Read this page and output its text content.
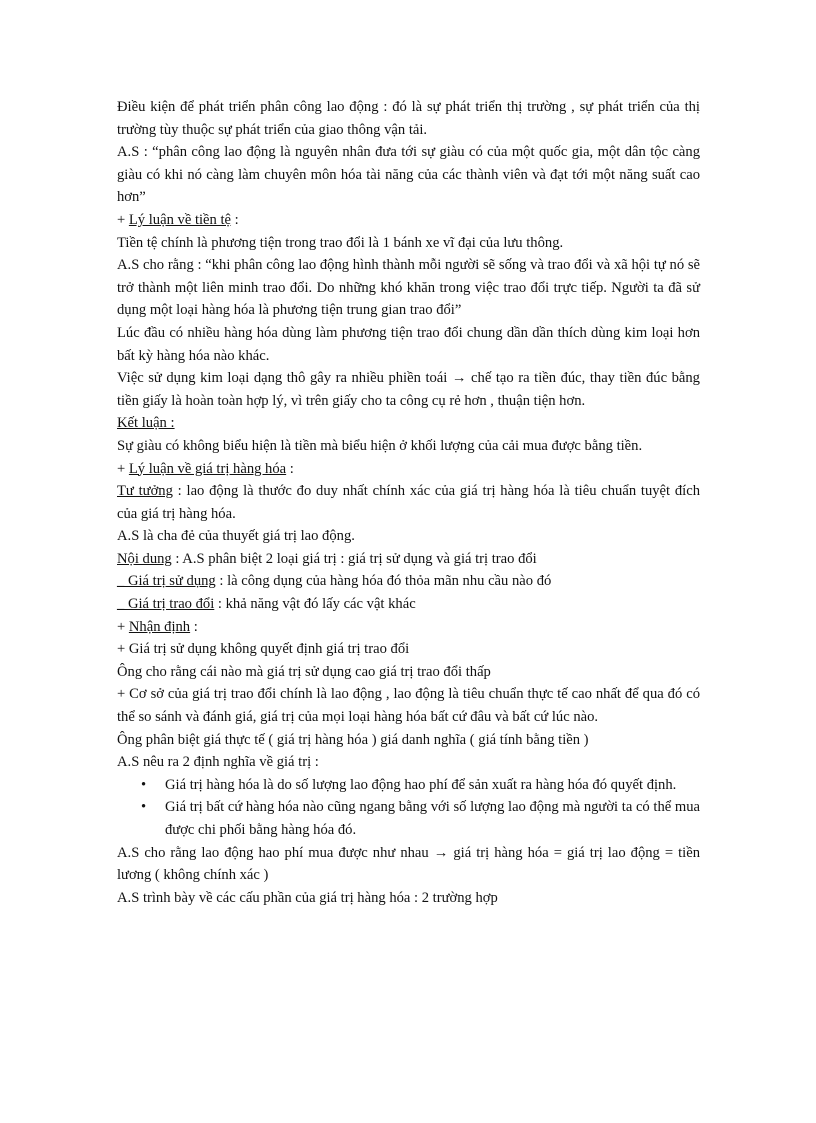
Điều kiện để phát triển phân công lao động : đó là sự phát triển thị trường , sự phát triển của thị trường tùy thuộc sự phát triển của giao thông vận tải.

A.S : “phân công lao động là nguyên nhân đưa tới sự giàu có của một quốc gia, một dân tộc càng giàu có khi nó càng làm chuyên môn hóa tài năng của các thành viên và đạt tới một năng suất cao hơn”

+ Lý luận về tiền tệ :

Tiền tệ chính là phương tiện trong trao đổi là 1 bánh xe vĩ đại của lưu thông.

A.S cho rằng : “khi phân công lao động hình thành mỗi người sẽ sống và trao đổi và xã hội tự nó sẽ trở thành một liên minh trao đổi. Do những khó khăn trong việc trao đổi trực tiếp. Người ta đã sử dụng một loại hàng hóa là phương tiện trung gian trao đổi”

Lúc đầu có nhiều hàng hóa dùng làm phương tiện trao đổi chung dần dần thích dùng kim loại hơn bất kỳ hàng hóa nào khác.

Việc sử dụng kim loại dạng thô gây ra nhiều phiền toái → chế tạo ra tiền đúc, thay tiền đúc bằng tiền giấy là hoàn toàn hợp lý, vì trên giấy cho ta công cụ rẻ hơn , thuận tiện hơn.

Kết luận :

Sự giàu có không biểu hiện là tiền mà biểu hiện ở khối lượng của cải mua được bằng tiền.

+ Lý luận về giá trị hàng hóa :

Tư tưởng : lao động là thước đo duy nhất chính xác của giá trị hàng hóa là tiêu chuẩn tuyệt đích của giá trị hàng hóa.

A.S là cha đẻ của thuyết giá trị lao động.

Nội dung : A.S phân biệt 2 loại giá trị : giá trị sử dụng và giá trị trao đổi

_ Giá trị sử dụng : là công dụng của hàng hóa đó thỏa mãn nhu cầu nào đó

_ Giá trị trao đổi : khả năng vật đó lấy các vật khác

+ Nhận định :

+ Giá trị sử dụng không quyết định giá trị trao đổi

Ông cho rằng cái nào mà giá trị sử dụng cao giá trị trao đổi thấp

+ Cơ sở của giá trị trao đổi chính là lao động , lao động là tiêu chuẩn thực tế cao nhất để qua đó có thể so sánh và đánh giá, giá trị của mọi loại hàng hóa bất cứ đâu và bất cứ lúc nào.

Ông phân biệt giá thực tế ( giá trị hàng hóa ) giá danh nghĩa ( giá tính bằng tiền )

A.S nêu ra 2 định nghĩa về giá trị :

• Giá trị hàng hóa là do số lượng lao động hao phí để sản xuất ra hàng hóa đó quyết định.
• Giá trị bất cứ hàng hóa nào cũng ngang bằng với số lượng lao động mà người ta có thể mua được chi phối bằng hàng hóa đó.

A.S cho rằng lao động hao phí mua được như nhau → giá trị hàng hóa = giá trị lao động = tiền lương ( không chính xác )

A.S trình bày về các cấu phần của giá trị hàng hóa : 2 trường hợp
